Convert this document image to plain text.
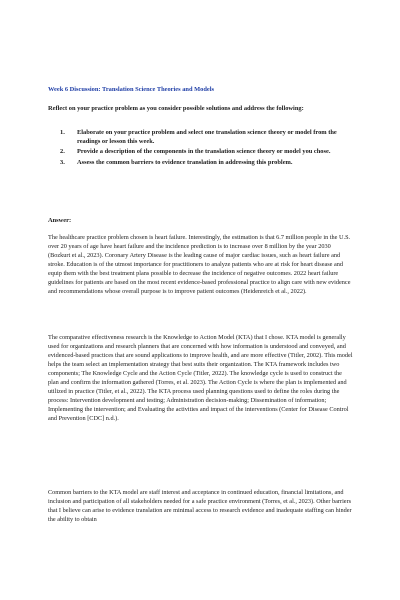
Week 6 Discussion: Translation Science Theories and Models
Reflect on your practice problem as you consider possible solutions and address the following:
1. Elaborate on your practice problem and select one translation science theory or model from the readings or lesson this week.
2. Provide a description of the components in the translation science theory or model you chose.
3. Assess the common barriers to evidence translation in addressing this problem.
Answer:

The healthcare practice problem chosen is heart failure. Interestingly, the estimation is that 6.7 million people in the U.S. over 20 years of age have heart failure and the incidence prediction is to increase over 8 million by the year 2030 (Bozkurt et al., 2023). Coronary Artery Disease is the leading cause of major cardiac issues, such as heart failure and stroke. Education is of the utmost importance for practitioners to analyze patients who are at risk for heart disease and equip them with the best treatment plans possible to decrease the incidence of negative outcomes. 2022 heart failure guidelines for patients are based on the most recent evidence-based professional practice to align care with new evidence and recommendations whose overall purpose is to improve patient outcomes (Heidenreich et al., 2022).

The comparative effectiveness research is the Knowledge to Action Model (KTA) that I chose. KTA model is generally used for organizations and research planners that are concerned with how information is understood and conveyed, and evidenced-based practices that are sound applications to improve health, and are more effective (Titler, 2002). This model helps the team select an implementation strategy that best suits their organization. The KTA framework includes two components; The Knowledge Cycle and the Action Cycle (Titler, 2022). The knowledge cycle is used to construct the plan and confirm the information gathered (Torres, et al. 2023). The Action Cycle is where the plan is implemented and utilized in practice (Titler, et al., 2022). The KTA process used planning questions used to define the roles during the process: Intervention development and testing; Administration decision-making; Dissemination of information; Implementing the intervention; and Evaluating the activities and impact of the interventions (Center for Disease Control and Prevention [CDC] n.d.).

Common barriers to the KTA model are staff interest and acceptance in continued education, financial limitations, and inclusion and participation of all stakeholders needed for a safe practice environment (Torres, et al., 2023). Other barriers that I believe can arise to evidence translation are minimal access to research evidence and inadequate staffing can hinder the ability to obtain
